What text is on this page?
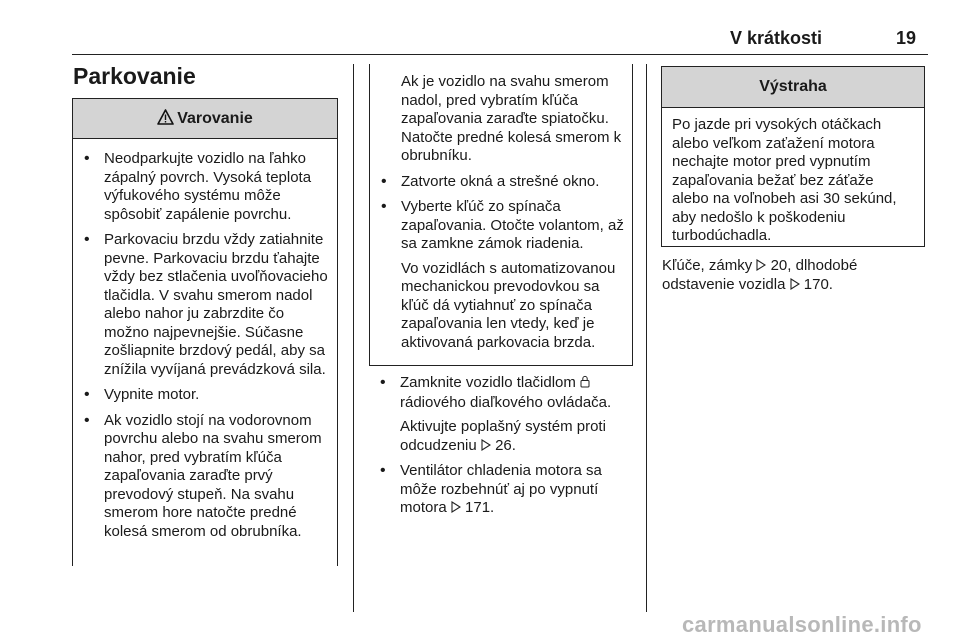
V krátkosti	19
Parkovanie
Varovanie

• Neodparkujte vozidlo na ľahko zápalný povrch. Vysoká teplota výfukového systému môže spôsobiť zapálenie povrchu.

• Parkovaciu brzdu vždy zatiahnite pevne. Parkovaciu brzdu ťahajte vždy bez stlačenia uvoľňovacieho tlačidla. V svahu smerom nadol alebo nahor ju zabrzdite čo možno najpevnejšie. Súčasne zošliapnite brzdový pedál, aby sa znížila vyvíjaná prevádzková sila.

• Vypnite motor.

• Ak vozidlo stojí na vodorovnom povrchu alebo na svahu smerom nahor, pred vybratím kľúča zapaľovania zaraďte prvý prevodový stupeň. Na svahu smerom hore natočte predné kolesá smerom od obrubníka.

Ak je vozidlo na svahu smerom nadol, pred vybratím kľúča zapaľovania zaraďte spiatočku. Natočte predné kolesá smerom k obrubníku.

• Zatvorte okná a strešné okno.

• Vyberte kľúč zo spínača zapaľovania. Otočte volantom, až sa zamkne zámok riadenia.

Vo vozidlách s automatizovanou mechanickou prevodovkou sa kľúč dá vytiahnuť zo spínača zapaľovania len vtedy, keď je aktivovaná parkovacia brzda.

• Zamknite vozidlo tlačidlom  rádiového diaľkového ovládača.

Aktivujte poplašný systém proti odcudzeniu 26.

• Ventilátor chladenia motora sa môže rozbehnúť aj po vypnutí motora 171.

Výstraha

Po jazde pri vysokých otáčkach alebo veľkom zaťažení motora nechajte motor pred vypnutím zapaľovania bežať bez záťaže alebo na voľnobeh asi 30 sekúnd, aby nedošlo k poškodeniu turbodúchadla.

Kľúče, zámky 20, dlhodobé odstavenie vozidla 170.

carmanualsonline.info
